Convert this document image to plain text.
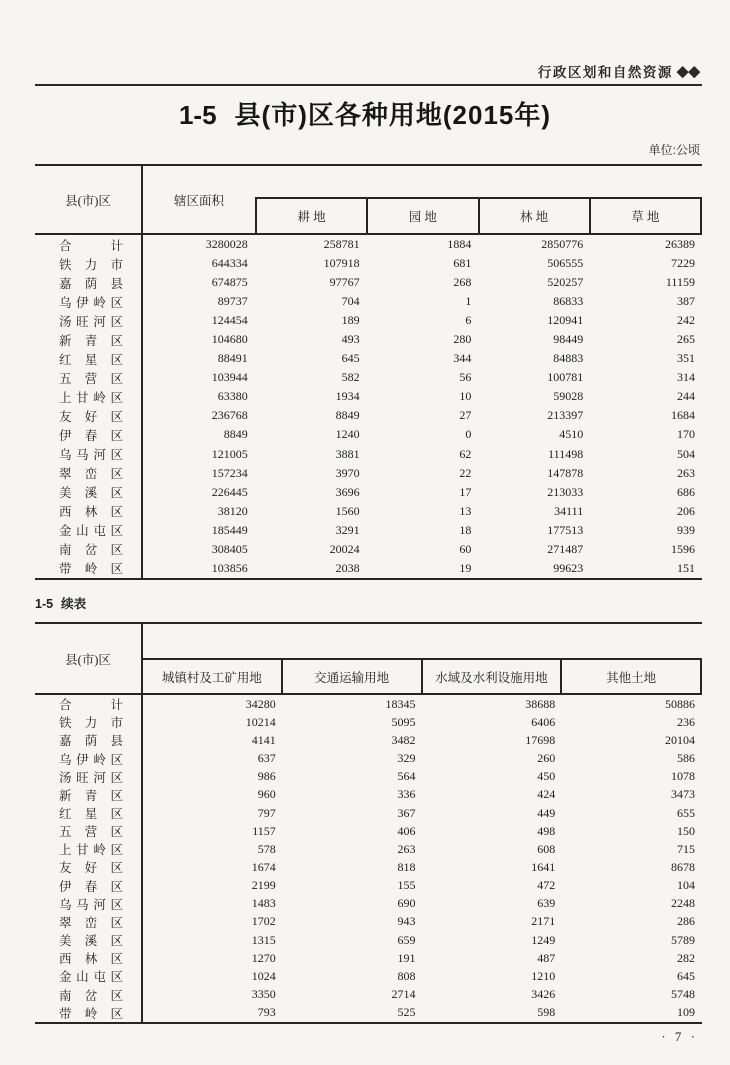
行政区划和自然资源 ◆◆
1-5 县(市)区各种用地(2015年)
单位:公顷
县(市)区	辖区面积
耕 地	园 地	林 地	草 地
合计	3280028	258781	1884	2850776	26389
铁力市	644334	107918	681	506555	7229
嘉荫县	674875	97767	268	520257	11159
乌伊岭区	89737	704	1	86833	387
汤旺河区	124454	189	6	120941	242
新青区	104680	493	280	98449	265
红星区	88491	645	344	84883	351
五营区	103944	582	56	100781	314
上甘岭区	63380	1934	10	59028	244
友好区	236768	8849	27	213397	1684
伊春区	8849	1240	0	4510	170
乌马河区	121005	3881	62	111498	504
翠峦区	157234	3970	22	147878	263
美溪区	226445	3696	17	213033	686
西林区	38120	1560	13	34111	206
金山屯区	185449	3291	18	177513	939
南岔区	308405	20024	60	271487	1596
带岭区	103856	2038	19	99623	151
1-5 续表
县(市)区
城镇村及工矿用地	交通运输用地	水域及水利设施用地	其他土地
合计	34280	18345	38688	50886
铁力市	10214	5095	6406	236
嘉荫县	4141	3482	17698	20104
乌伊岭区	637	329	260	586
汤旺河区	986	564	450	1078
新青区	960	336	424	3473
红星区	797	367	449	655
五营区	1157	406	498	150
上甘岭区	578	263	608	715
友好区	1674	818	1641	8678
伊春区	2199	155	472	104
乌马河区	1483	690	639	2248
翠峦区	1702	943	2171	286
美溪区	1315	659	1249	5789
西林区	1270	191	487	282
金山屯区	1024	808	1210	645
南岔区	3350	2714	3426	5748
带岭区	793	525	598	109
· 7 ·
